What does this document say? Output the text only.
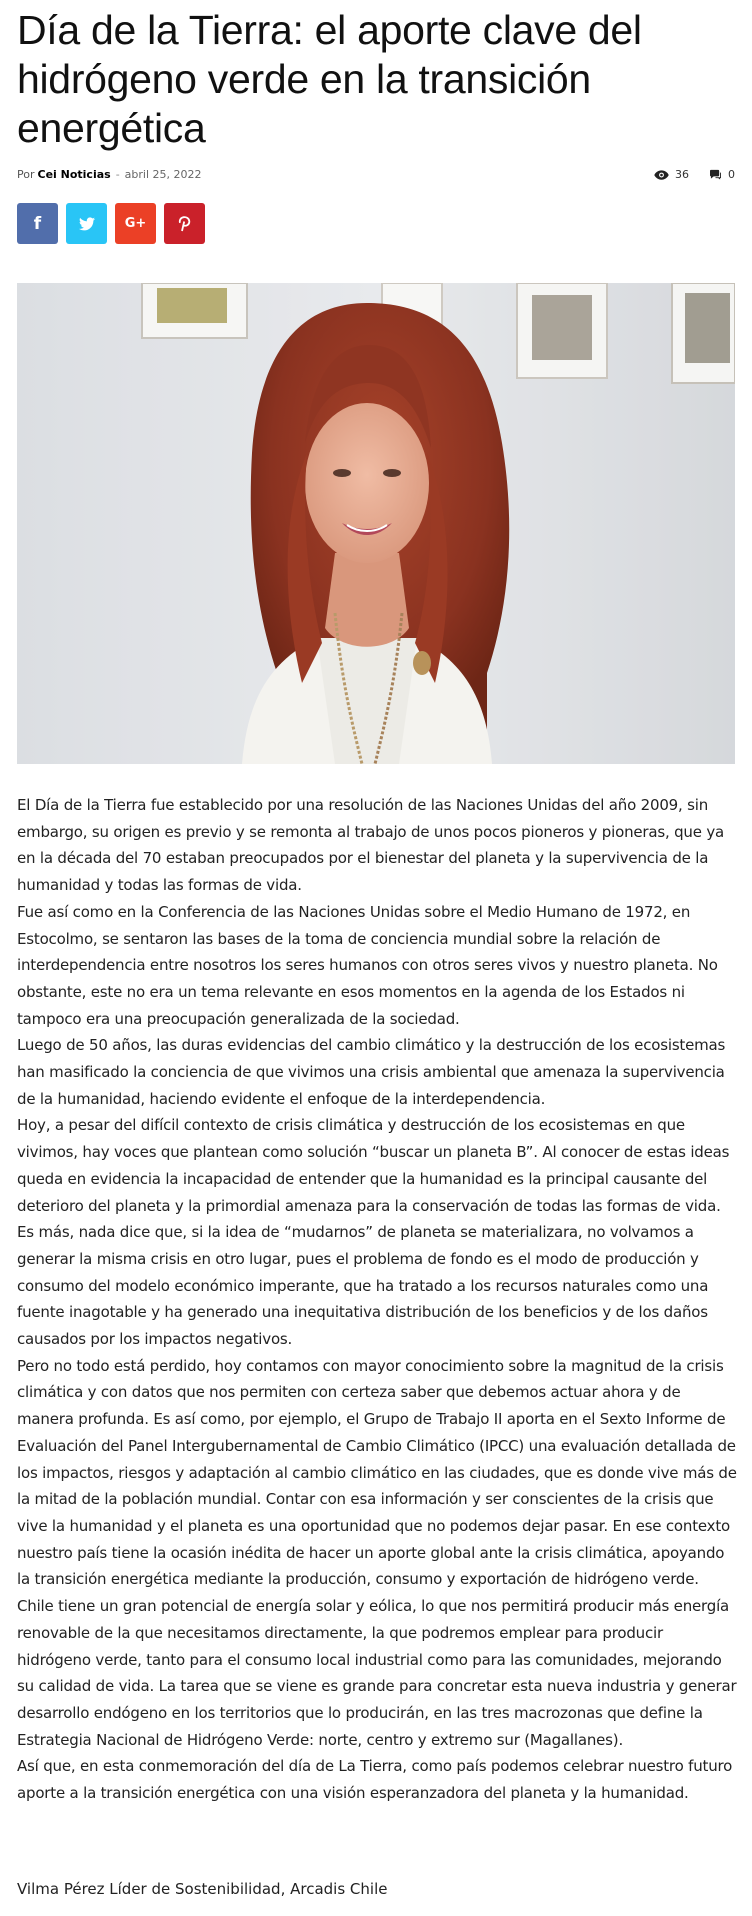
Día de la Tierra: el aporte clave del hidrógeno verde en la transición energética
Por Cei Noticias - abril 25, 2022	36	0
f	G+

El Día de la Tierra fue establecido por una resolución de las Naciones Unidas del año 2009, sin embargo, su origen es previo y se remonta al trabajo de unos pocos pioneros y pioneras, que ya en la década del 70 estaban preocupados por el bienestar del planeta y la supervivencia de la humanidad y todas las formas de vida.

Fue así como en la Conferencia de las Naciones Unidas sobre el Medio Humano de 1972, en Estocolmo, se sentaron las bases de la toma de conciencia mundial sobre la relación de interdependencia entre nosotros los seres humanos con otros seres vivos y nuestro planeta. No obstante, este no era un tema relevante en esos momentos en la agenda de los Estados ni tampoco era una preocupación generalizada de la sociedad.

Luego de 50 años, las duras evidencias del cambio climático y la destrucción de los ecosistemas han masificado la conciencia de que vivimos una crisis ambiental que amenaza la supervivencia de la humanidad, haciendo evidente el enfoque de la interdependencia.

Hoy, a pesar del difícil contexto de crisis climática y destrucción de los ecosistemas en que vivimos, hay voces que plantean como solución “buscar un planeta B”. Al conocer de estas ideas queda en evidencia la incapacidad de entender que la humanidad es la principal causante del deterioro del planeta y la primordial amenaza para la conservación de todas las formas de vida. Es más, nada dice que, si la idea de “mudarnos” de planeta se materializara, no volvamos a generar la misma crisis en otro lugar, pues el problema de fondo es el modo de producción y consumo del modelo económico imperante, que ha tratado a los recursos naturales como una fuente inagotable y ha generado una inequitativa distribución de los beneficios y de los daños causados por los impactos negativos.

Pero no todo está perdido, hoy contamos con mayor conocimiento sobre la magnitud de la crisis climática y con datos que nos permiten con certeza saber que debemos actuar ahora y de manera profunda. Es así como, por ejemplo, el Grupo de Trabajo II aporta en el Sexto Informe de Evaluación del Panel Intergubernamental de Cambio Climático (IPCC) una evaluación detallada de los impactos, riesgos y adaptación al cambio climático en las ciudades, que es donde vive más de la mitad de la población mundial. Contar con esa información y ser conscientes de la crisis que vive la humanidad y el planeta es una oportunidad que no podemos dejar pasar. En ese contexto nuestro país tiene la ocasión inédita de hacer un aporte global ante la crisis climática, apoyando la transición energética mediante la producción, consumo y exportación de hidrógeno verde.

Chile tiene un gran potencial de energía solar y eólica, lo que nos permitirá producir más energía renovable de la que necesitamos directamente, la que podremos emplear para producir hidrógeno verde, tanto para el consumo local industrial como para las comunidades, mejorando su calidad de vida. La tarea que se viene es grande para concretar esta nueva industria y generar desarrollo endógeno en los territorios que lo producirán, en las tres macrozonas que define la Estrategia Nacional de Hidrógeno Verde: norte, centro y extremo sur (Magallanes).

Así que, en esta conmemoración del día de La Tierra, como país podemos celebrar nuestro futuro aporte a la transición energética con una visión esperanzadora del planeta y la humanidad.

Vilma Pérez Líder de Sostenibilidad, Arcadis Chile
